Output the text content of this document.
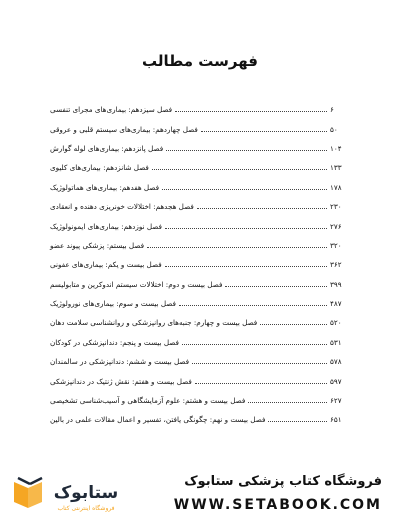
فهرست مطالب
فصل سیزدهم: بیماری‌های مجرای تنفسی	۶
فصل چهاردهم: بیماری‌های سیستم قلبی و عروقی	۵۰
فصل پانزدهم: بیماری‌های لوله گوارش	۱۰۴
فصل شانزدهم: بیماری‌های کلیوی	۱۳۳
فصل هفدهم: بیماری‌های هماتولوژیک	۱۷۸
فصل هجدهم: اختلالات خونریزی دهنده و انعقادی	۲۳۰
فصل نوزدهم: بیماری‌های ایمونولوژیک	۲۷۶
فصل بیستم: پزشکی پیوند عضو	۳۲۰
فصل بیست و یکم: بیماری‌های عفونی	۳۶۲
فصل بیست و دوم: اختلالات سیستم اندوکرین و متابولیسم	۳۹۹
فصل بیست و سوم: بیماری‌های نورولوژیک	۴۸۷
فصل بیست و چهارم: جنبه‌های روانپزشکی و روانشناسی سلامت دهان	۵۲۰
فصل بیست و پنجم: دندانپزشکی در کودکان	۵۳۱
فصل بیست و ششم: دندانپزشکی در سالمندان	۵۷۸
فصل بیست و هفتم: نقش ژنتیک در دندانپزشکی	۵۹۷
فصل بیست و هشتم: علوم آزمایشگاهی و آسیب‌شناسی تشخیصی	۶۲۷
فصل بیست و نهم: چگونگی یافتن، تفسیر و اعمال مقالات علمی در بالین	۶۵۱
ستابوک
فروشگاه اینترنتی کتاب
فروشگاه کتاب پزشکی ستابوک
WWW.SETABOOK.COM
